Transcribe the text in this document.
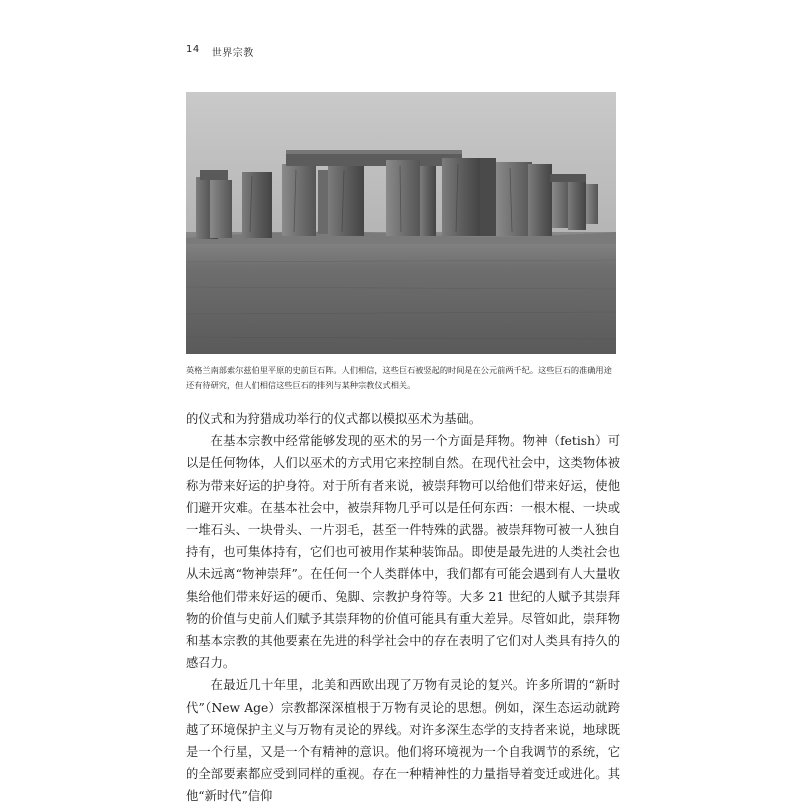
14 世界宗教
英格兰南部索尔兹伯里平原的史前巨石阵。人们相信，这些巨石被竖起的时间是在公元前两千纪。这些巨石的准确用途还有待研究，但人们相信这些巨石的排列与某种宗教仪式相关。

的仪式和为狩猎成功举行的仪式都以模拟巫术为基础。

在基本宗教中经常能够发现的巫术的另一个方面是拜物。物神（fetish）可以是任何物体，人们以巫术的方式用它来控制自然。在现代社会中，这类物体被称为带来好运的护身符。对于所有者来说，被崇拜物可以给他们带来好运，使他们避开灾难。在基本社会中，被崇拜物几乎可以是任何东西：一根木棍、一块或一堆石头、一块骨头、一片羽毛，甚至一件特殊的武器。被崇拜物可被一人独自持有，也可集体持有，它们也可被用作某种装饰品。即使是最先进的人类社会也从未远离“物神崇拜”。在任何一个人类群体中，我们都有可能会遇到有人大量收集给他们带来好运的硬币、兔脚、宗教护身符等。大多 21 世纪的人赋予其崇拜物的价值与史前人们赋予其崇拜物的价值可能具有重大差异。尽管如此，崇拜物和基本宗教的其他要素在先进的科学社会中的存在表明了它们对人类具有持久的感召力。

在最近几十年里，北美和西欧出现了万物有灵论的复兴。许多所谓的“新时代”（New Age）宗教都深深植根于万物有灵论的思想。例如，深生态运动就跨越了环境保护主义与万物有灵论的界线。对许多深生态学的支持者来说，地球既是一个行星，又是一个有精神的意识。他们将环境视为一个自我调节的系统，它的全部要素都应受到同样的重视。存在一种精神性的力量指导着变迁或进化。其他“新时代”信仰
